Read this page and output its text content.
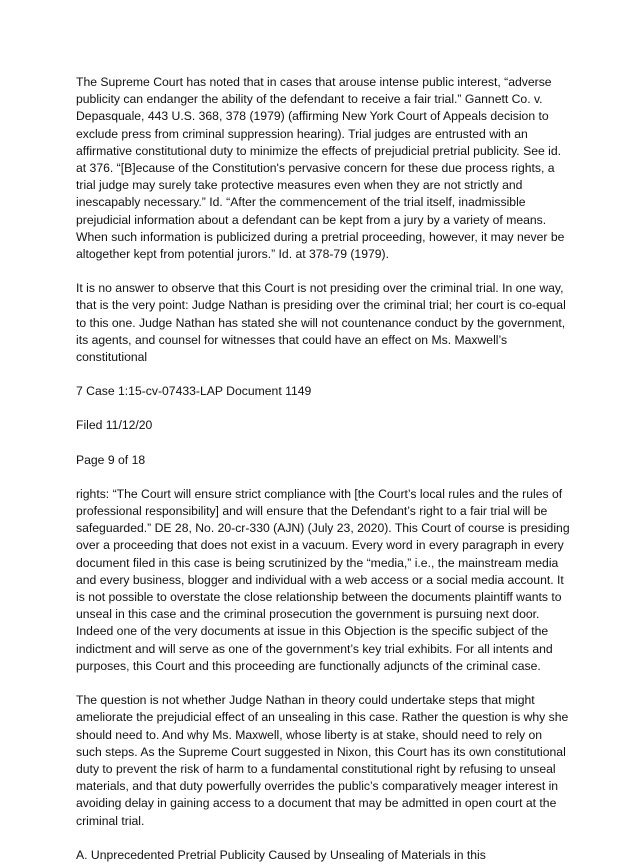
The Supreme Court has noted that in cases that arouse intense public interest, “adverse publicity can endanger the ability of the defendant to receive a fair trial.” Gannett Co. v. Depasquale, 443 U.S. 368, 378 (1979) (affirming New York Court of Appeals decision to exclude press from criminal suppression hearing). Trial judges are entrusted with an affirmative constitutional duty to minimize the effects of prejudicial pretrial publicity. See id. at 376. “[B]ecause of the Constitution's pervasive concern for these due process rights, a trial judge may surely take protective measures even when they are not strictly and inescapably necessary.” Id. “After the commencement of the trial itself, inadmissible prejudicial information about a defendant can be kept from a jury by a variety of means. When such information is publicized during a pretrial proceeding, however, it may never be altogether kept from potential jurors.” Id. at 378-79 (1979).

It is no answer to observe that this Court is not presiding over the criminal trial. In one way, that is the very point: Judge Nathan is presiding over the criminal trial; her court is co-equal to this one. Judge Nathan has stated she will not countenance conduct by the government, its agents, and counsel for witnesses that could have an effect on Ms. Maxwell’s constitutional

7 Case 1:15-cv-07433-LAP Document 1149

Filed 11/12/20

Page 9 of 18

rights: “The Court will ensure strict compliance with [the Court’s local rules and the rules of professional responsibility] and will ensure that the Defendant’s right to a fair trial will be safeguarded.” DE 28, No. 20-cr-330 (AJN) (July 23, 2020). This Court of course is presiding over a proceeding that does not exist in a vacuum. Every word in every paragraph in every document filed in this case is being scrutinized by the “media,” i.e., the mainstream media and every business, blogger and individual with a web access or a social media account. It is not possible to overstate the close relationship between the documents plaintiff wants to unseal in this case and the criminal prosecution the government is pursuing next door. Indeed one of the very documents at issue in this Objection is the specific subject of the indictment and will serve as one of the government’s key trial exhibits. For all intents and purposes, this Court and this proceeding are functionally adjuncts of the criminal case.

The question is not whether Judge Nathan in theory could undertake steps that might ameliorate the prejudicial effect of an unsealing in this case. Rather the question is why she should need to. And why Ms. Maxwell, whose liberty is at stake, should need to rely on such steps. As the Supreme Court suggested in Nixon, this Court has its own constitutional duty to prevent the risk of harm to a fundamental constitutional right by refusing to unseal materials, and that duty powerfully overrides the public’s comparatively meager interest in avoiding delay in gaining access to a document that may be admitted in open court at the criminal trial.

A. Unprecedented Pretrial Publicity Caused by Unsealing of Materials in this
